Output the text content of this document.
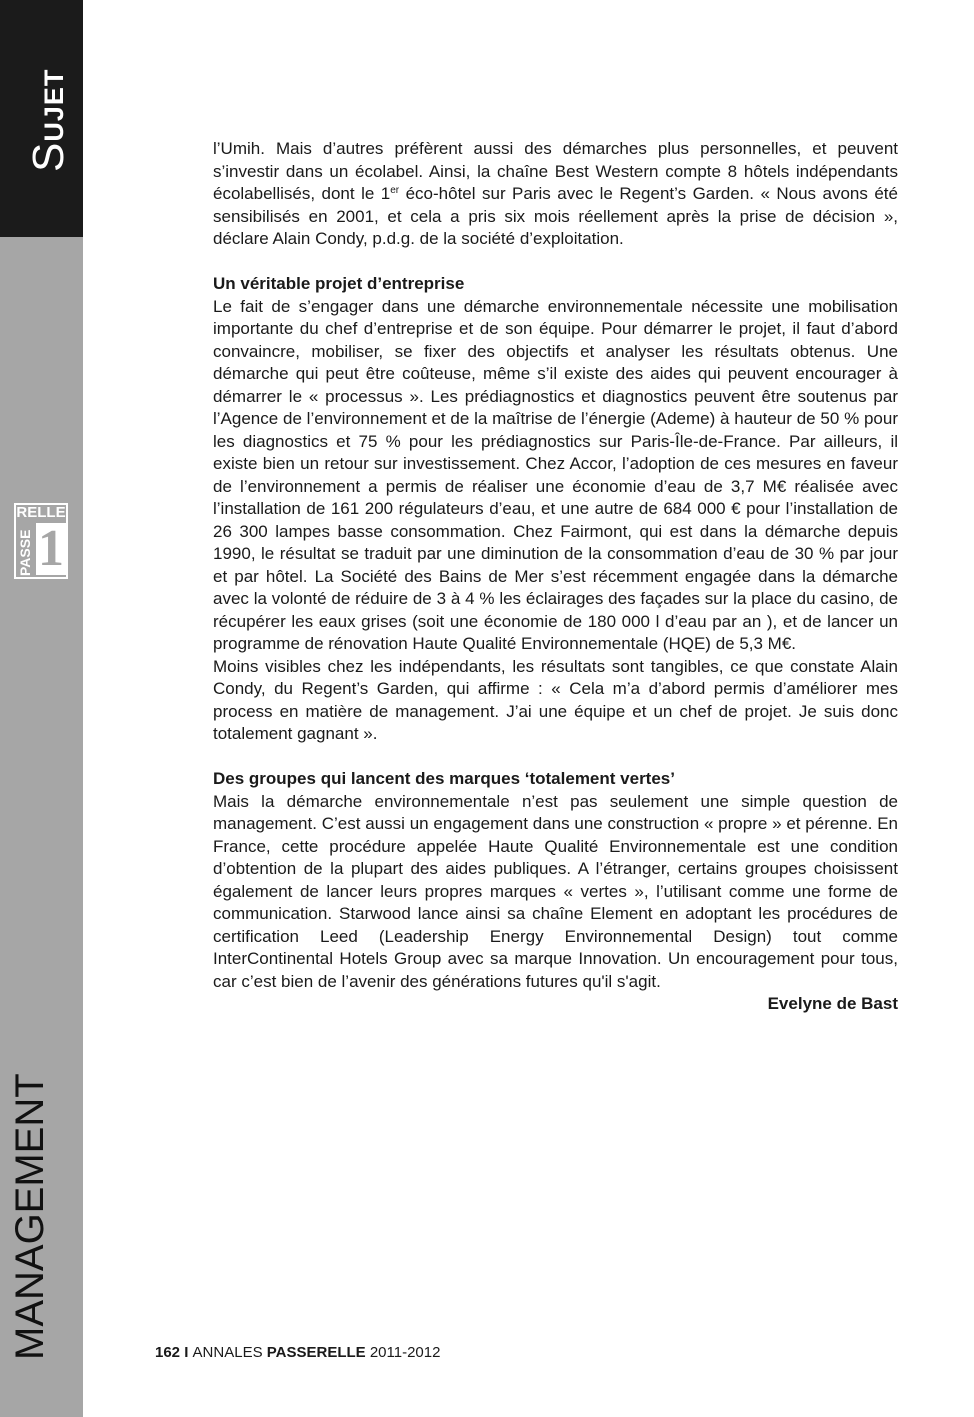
Sujet
RELLE
PASSE 1
MANAGEMENT

l’Umih. Mais d’autres préfèrent aussi des démarches plus personnelles, et peuvent s’investir dans un écolabel. Ainsi, la chaîne Best Western compte 8 hôtels indépendants écolabellisés, dont le 1er éco-hôtel sur Paris avec le Regent’s Garden. « Nous avons été sensibilisés en 2001, et cela a pris six mois réellement après la prise de décision », déclare Alain Condy, p.d.g. de la société d’exploitation.

Un véritable projet d’entreprise

Le fait de s’engager dans une démarche environnementale nécessite une mobilisation importante du chef d’entreprise et de son équipe. Pour démarrer le projet, il faut d’abord convaincre, mobiliser, se fixer des objectifs et analyser les résultats obtenus. Une démarche qui peut être coûteuse, même s’il existe des aides qui peuvent encourager à démarrer le « processus ». Les prédiagnostics et diagnostics peuvent être soutenus par l’Agence de l’environnement et de la maîtrise de l’énergie (Ademe) à hauteur de 50 % pour les diagnostics et 75 % pour les prédiagnostics sur Paris-Île-de-France. Par ailleurs, il existe bien un retour sur investissement. Chez Accor, l’adoption de ces mesures en faveur de l’environnement a permis de réaliser une économie d’eau de 3,7 M€ réalisée avec l’installation de 161 200 régulateurs d’eau, et une autre de 684 000 € pour l’installation de 26 300 lampes basse consommation. Chez Fairmont, qui est dans la démarche depuis 1990, le résultat se traduit par une diminution de la consommation d’eau de 30 % par jour et par hôtel. La Société des Bains de Mer s’est récemment engagée dans la démarche avec la volonté de réduire de 3 à 4 % les éclairages des façades sur la place du casino, de récupérer les eaux grises (soit une économie de 180 000 l d’eau par an ), et de lancer un programme de rénovation Haute Qualité Environnementale (HQE) de 5,3 M€.

Moins visibles chez les indépendants, les résultats sont tangibles, ce que constate Alain Condy, du Regent’s Garden, qui affirme : « Cela m’a d’abord permis d’améliorer mes process en matière de management. J’ai une équipe et un chef de projet. Je suis donc totalement gagnant ».

Des groupes qui lancent des marques ‘totalement vertes’

Mais la démarche environnementale n’est pas seulement une simple question de management. C’est aussi un engagement dans une construction « propre » et pérenne. En France, cette procédure appelée Haute Qualité Environnementale est une condition d’obtention de la plupart des aides publiques. A l’étranger, certains groupes choisissent également de lancer leurs propres marques « vertes », l’utilisant comme une forme de communication. Starwood lance ainsi sa chaîne Element en adoptant les procédures de certification Leed (Leadership Energy Environnemental Design) tout comme InterContinental Hotels Group avec sa marque Innovation. Un encouragement pour tous, car c’est bien de l’avenir des générations futures qu'il s'agit.

Evelyne de Bast

162 I ANNALES PASSERELLE 2011-2012
